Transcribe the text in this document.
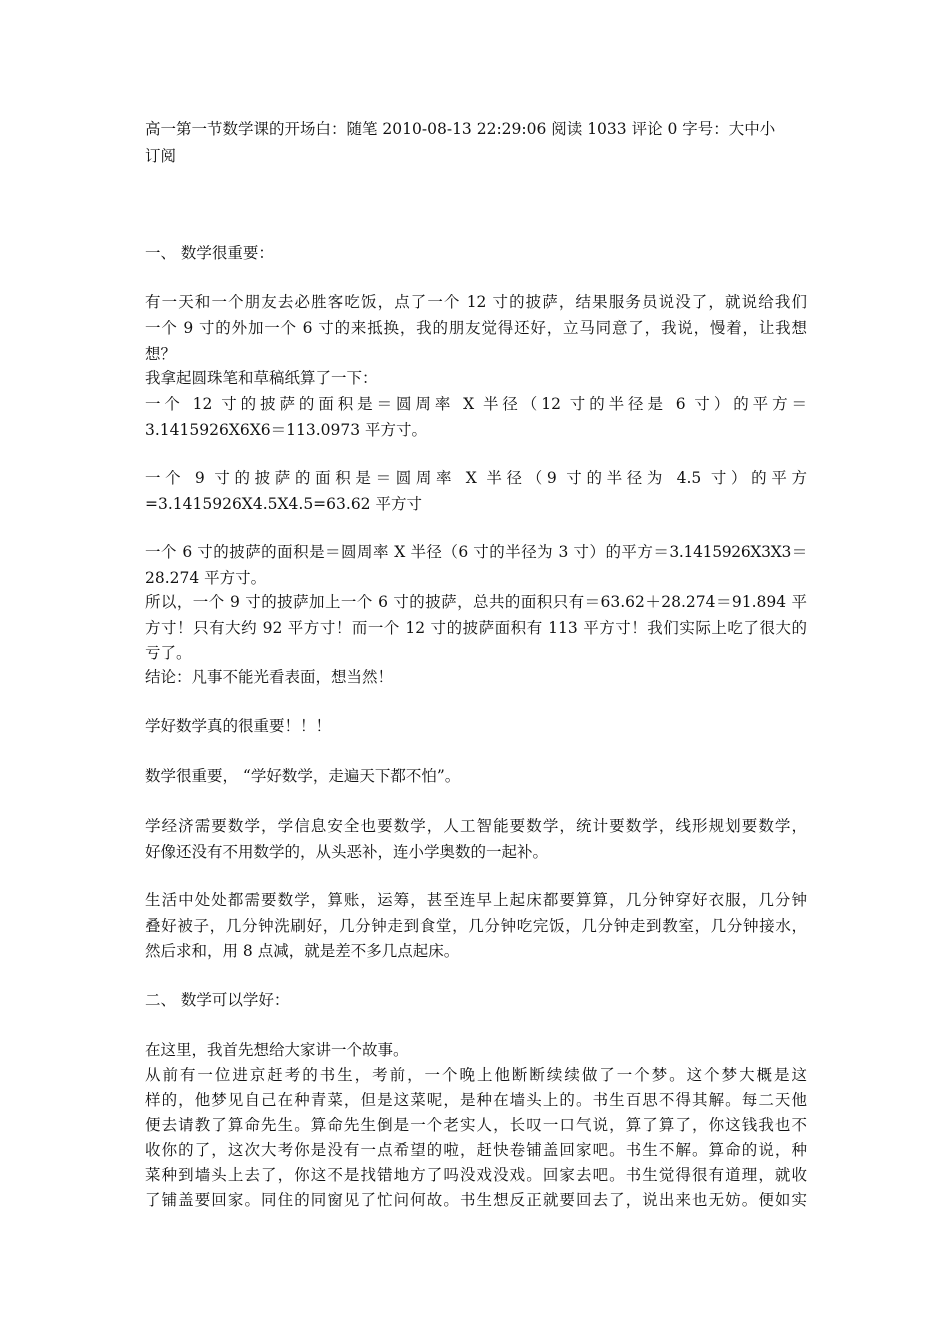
高一第一节数学课的开场白：随笔 2010-08-13 22:29:06 阅读 1033 评论 0 字号：大中小
订阅
一、 数学很重要：
有一天和一个朋友去必胜客吃饭，点了一个 12 寸的披萨，结果服务员说没了，就说给我们
一个 9 寸的外加一个 6 寸的来抵换，我的朋友觉得还好，立马同意了，我说，慢着，让我想
想？
我拿起圆珠笔和草稿纸算了一下：
一个 12 寸的披萨的面积是＝圆周率 X 半径（12 寸的半径是 6 寸）的平方＝
3.1415926X6X6＝113.0973 平方寸。
一个 9 寸的披萨的面积是＝圆周率 X 半径（9 寸的半径为 4.5 寸）的平方
=3.1415926X4.5X4.5=63.62 平方寸
一个 6 寸的披萨的面积是＝圆周率 X 半径（6 寸的半径为 3 寸）的平方＝3.1415926X3X3＝
28.274 平方寸。
所以，一个 9 寸的披萨加上一个 6 寸的披萨，总共的面积只有＝63.62＋28.274＝91.894 平
方寸！只有大约 92 平方寸！而一个 12 寸的披萨面积有 113 平方寸！我们实际上吃了很大的
亏了。
结论：凡事不能光看表面，想当然！
学好数学真的很重要！！！
数学很重要， “学好数学，走遍天下都不怕”。
学经济需要数学，学信息安全也要数学，人工智能要数学，统计要数学，线形规划要数学，
好像还没有不用数学的，从头恶补，连小学奥数的一起补。
生活中处处都需要数学，算账，运筹，甚至连早上起床都要算算，几分钟穿好衣服，几分钟
叠好被子，几分钟洗刷好，几分钟走到食堂，几分钟吃完饭，几分钟走到教室，几分钟接水，
然后求和，用 8 点减，就是差不多几点起床。
二、 数学可以学好：
在这里，我首先想给大家讲一个故事。
从前有一位进京赶考的书生，考前，一个晚上他断断续续做了一个梦。这个梦大概是这
样的，他梦见自己在种青菜，但是这菜呢，是种在墙头上的。书生百思不得其解。每二天他
便去请教了算命先生。算命先生倒是一个老实人，长叹一口气说，算了算了，你这钱我也不
收你的了，这次大考你是没有一点希望的啦，赶快卷铺盖回家吧。书生不解。算命的说，种
菜种到墙头上去了，你这不是找错地方了吗没戏没戏。回家去吧。书生觉得很有道理，就收
了铺盖要回家。同住的同窗见了忙问何故。书生想反正就要回去了，说出来也无妨。便如实
